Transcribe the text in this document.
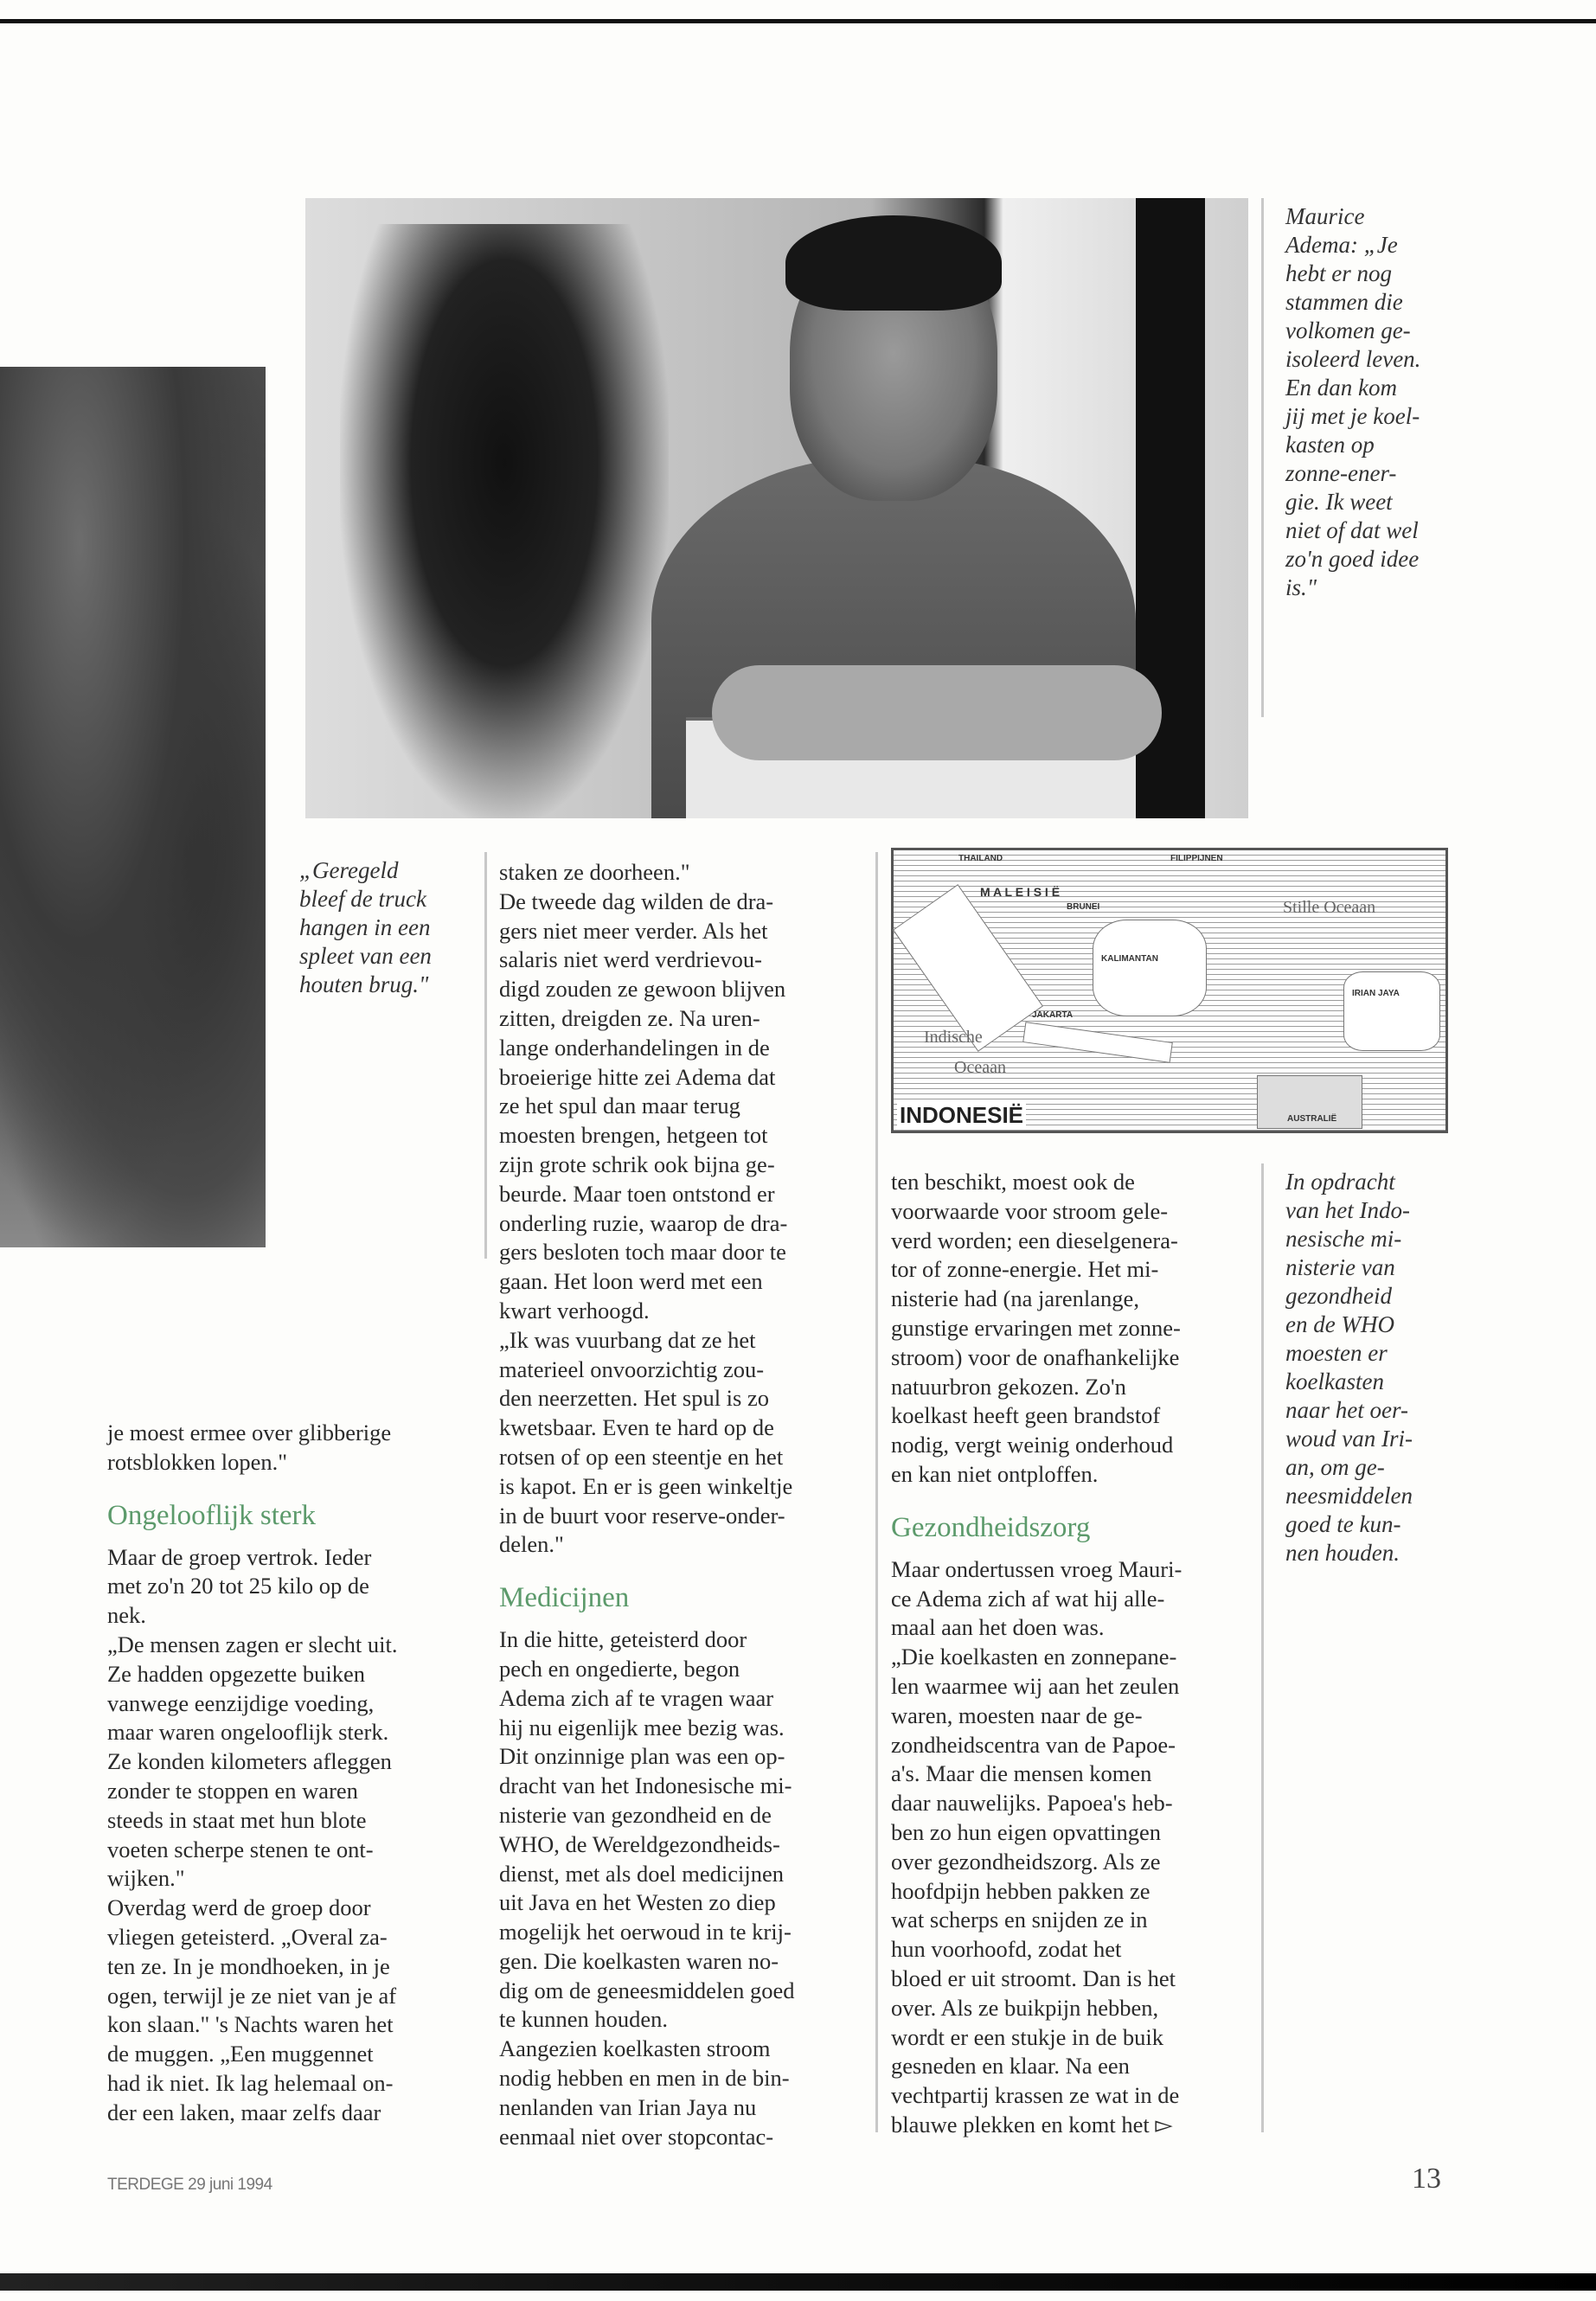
Maurice
Adema: „Je
hebt er nog
stammen die
volkomen ge-
isoleerd leven.
En dan kom
jij met je koel-
kasten op
zonne-ener-
gie. Ik weet
niet of dat wel
zo'n goed idee
is."
„Geregeld
bleef de truck
hangen in een
spleet van een
houten brug."
In opdracht
van het Indo-
nesische mi-
nisterie van
gezondheid
en de WHO
moesten er
koelkasten
naar het oer-
woud van Iri-
an, om ge-
neesmiddelen
goed te kun-
nen houden.
THAILAND	FILIPPIJNEN
M A L E I S I Ë
BRUNEI
KALIMANTAN
JAKARTA
Stille Oceaan
Indische
Oceaan
AUSTRALIË
IRIAN JAYA
INDONESIË
je moest ermee over glibberige
rotsblokken lopen."
Ongelooflijk sterk
Maar de groep vertrok. Ieder
met zo'n 20 tot 25 kilo op de
nek.
„De mensen zagen er slecht uit.
Ze hadden opgezette buiken
vanwege eenzijdige voeding,
maar waren ongelooflijk sterk.
Ze konden kilometers afleggen
zonder te stoppen en waren
steeds in staat met hun blote
voeten scherpe stenen te ont-
wijken."
Overdag werd de groep door
vliegen geteisterd. „Overal za-
ten ze. In je mondhoeken, in je
ogen, terwijl je ze niet van je af
kon slaan." 's Nachts waren het
de muggen. „Een muggennet
had ik niet. Ik lag helemaal on-
der een laken, maar zelfs daar
staken ze doorheen."
De tweede dag wilden de dra-
gers niet meer verder. Als het
salaris niet werd verdrievou-
digd zouden ze gewoon blijven
zitten, dreigden ze. Na uren-
lange onderhandelingen in de
broeierige hitte zei Adema dat
ze het spul dan maar terug
moesten brengen, hetgeen tot
zijn grote schrik ook bijna ge-
beurde. Maar toen ontstond er
onderling ruzie, waarop de dra-
gers besloten toch maar door te
gaan. Het loon werd met een
kwart verhoogd.
„Ik was vuurbang dat ze het
materieel onvoorzichtig zou-
den neerzetten. Het spul is zo
kwetsbaar. Even te hard op de
rotsen of op een steentje en het
is kapot. En er is geen winkeltje
in de buurt voor reserve-onder-
delen."
Medicijnen
In die hitte, geteisterd door
pech en ongedierte, begon
Adema zich af te vragen waar
hij nu eigenlijk mee bezig was.
Dit onzinnige plan was een op-
dracht van het Indonesische mi-
nisterie van gezondheid en de
WHO, de Wereldgezondheids-
dienst, met als doel medicijnen
uit Java en het Westen zo diep
mogelijk het oerwoud in te krij-
gen. Die koelkasten waren no-
dig om de geneesmiddelen goed
te kunnen houden.
Aangezien koelkasten stroom
nodig hebben en men in de bin-
nenlanden van Irian Jaya nu
eenmaal niet over stopcontac-
ten beschikt, moest ook de
voorwaarde voor stroom gele-
verd worden; een dieselgenera-
tor of zonne-energie. Het mi-
nisterie had (na jarenlange,
gunstige ervaringen met zonne-
stroom) voor de onafhankelijke
natuurbron gekozen. Zo'n
koelkast heeft geen brandstof
nodig, vergt weinig onderhoud
en kan niet ontploffen.
Gezondheidszorg
Maar ondertussen vroeg Mauri-
ce Adema zich af wat hij alle-
maal aan het doen was.
„Die koelkasten en zonnepane-
len waarmee wij aan het zeulen
waren, moesten naar de ge-
zondheidscentra van de Papoe-
a's. Maar die mensen komen
daar nauwelijks. Papoea's heb-
ben zo hun eigen opvattingen
over gezondheidszorg. Als ze
hoofdpijn hebben pakken ze
wat scherps en snijden ze in
hun voorhoofd, zodat het
bloed er uit stroomt. Dan is het
over. Als ze buikpijn hebben,
wordt er een stukje in de buik
gesneden en klaar. Na een
vechtpartij krassen ze wat in de
blauwe plekken en komt het ▻
TERDEGE 29 juni 1994	13
